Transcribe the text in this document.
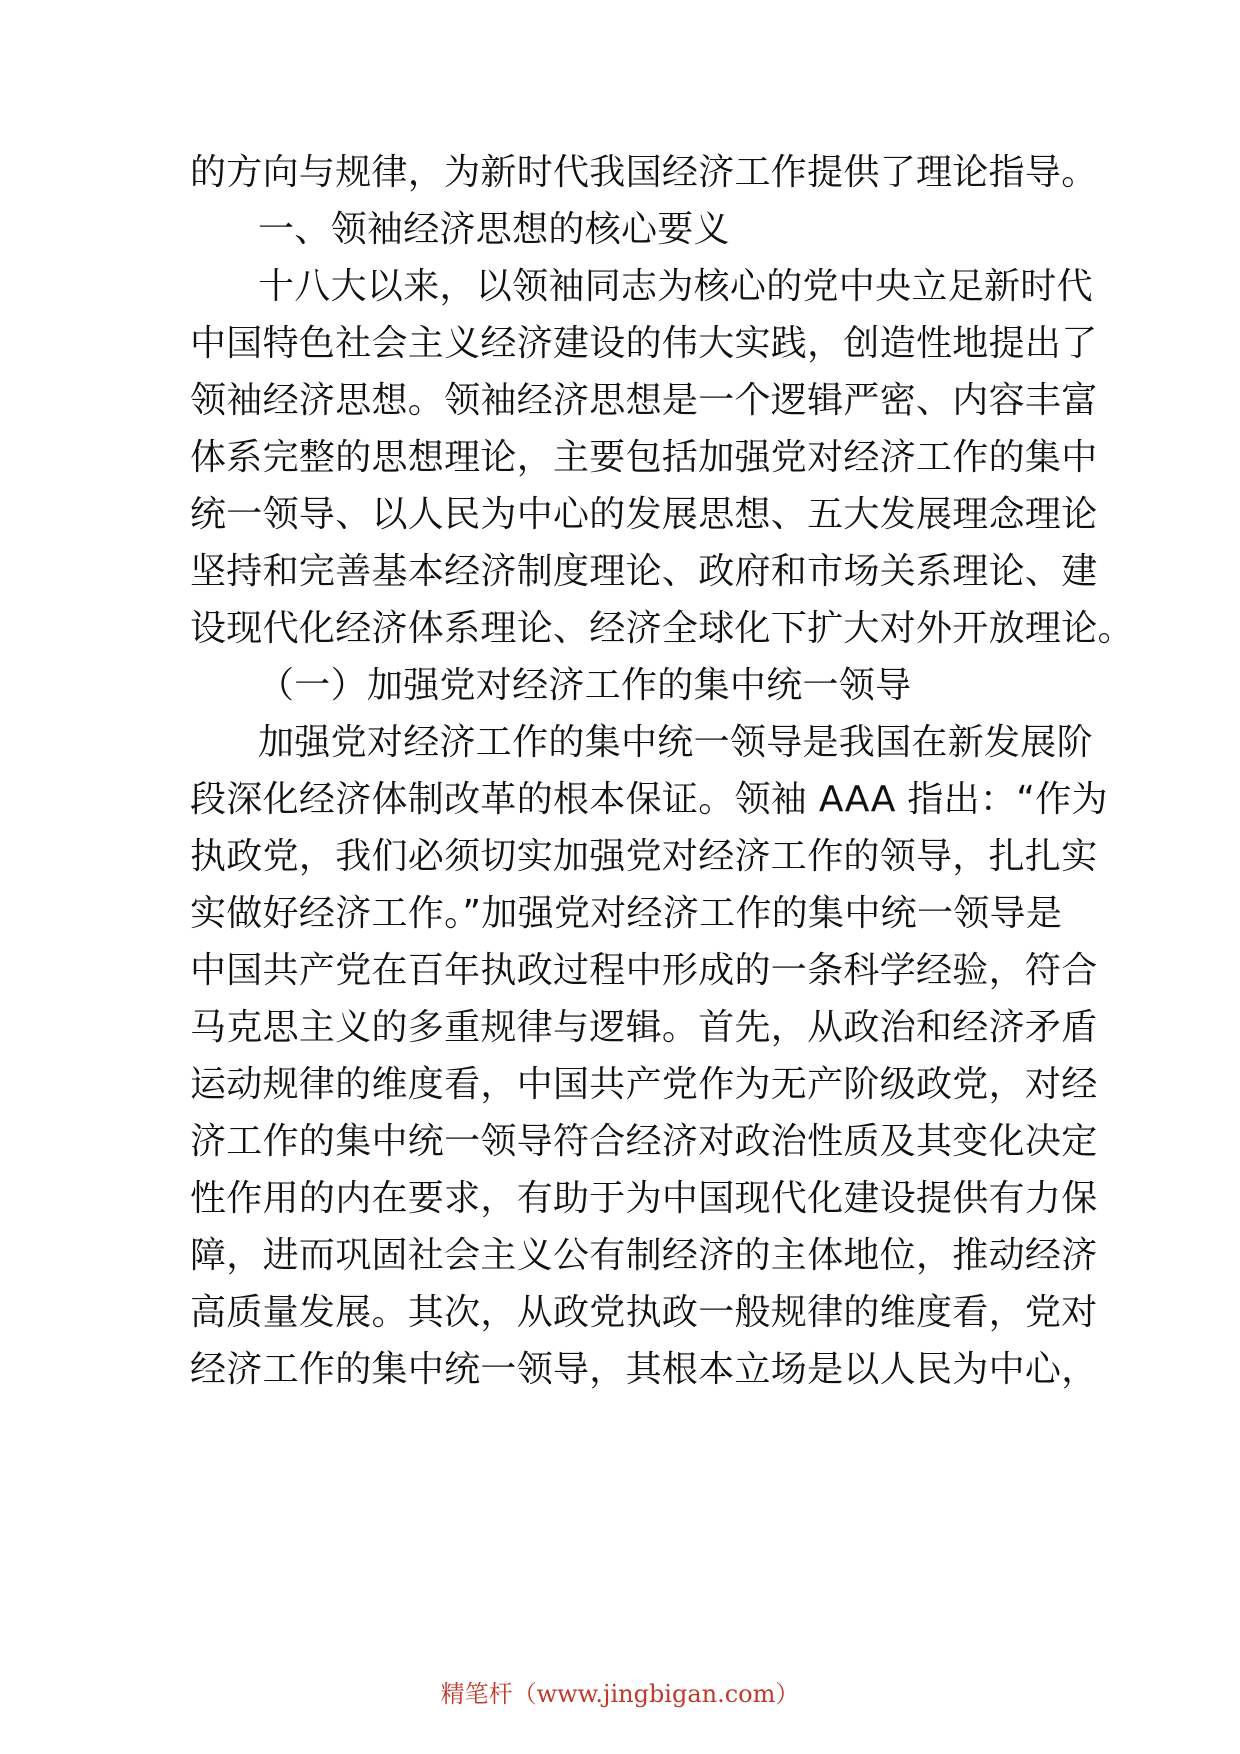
的方向与规律，为新时代我国经济工作提供了理论指导。
一、领袖经济思想的核心要义
十八大以来，以领袖同志为核心的党中央立足新时代
中国特色社会主义经济建设的伟大实践，创造性地提出了
领袖经济思想。领袖经济思想是一个逻辑严密、内容丰富
体系完整的思想理论，主要包括加强党对经济工作的集中
统一领导、以人民为中心的发展思想、五大发展理念理论
坚持和完善基本经济制度理论、政府和市场关系理论、建
设现代化经济体系理论、经济全球化下扩大对外开放理论。
（一）加强党对经济工作的集中统一领导
加强党对经济工作的集中统一领导是我国在新发展阶
段深化经济体制改革的根本保证。领袖 AAA 指出：“作为
执政党，我们必须切实加强党对经济工作的领导，扎扎实
实做好经济工作。”加强党对经济工作的集中统一领导是
中国共产党在百年执政过程中形成的一条科学经验，符合
马克思主义的多重规律与逻辑。首先，从政治和经济矛盾
运动规律的维度看，中国共产党作为无产阶级政党，对经
济工作的集中统一领导符合经济对政治性质及其变化决定
性作用的内在要求，有助于为中国现代化建设提供有力保
障，进而巩固社会主义公有制经济的主体地位，推动经济
高质量发展。其次，从政党执政一般规律的维度看，党对
经济工作的集中统一领导，其根本立场是以人民为中心，
精笔杆（www.jingbigan.com）
